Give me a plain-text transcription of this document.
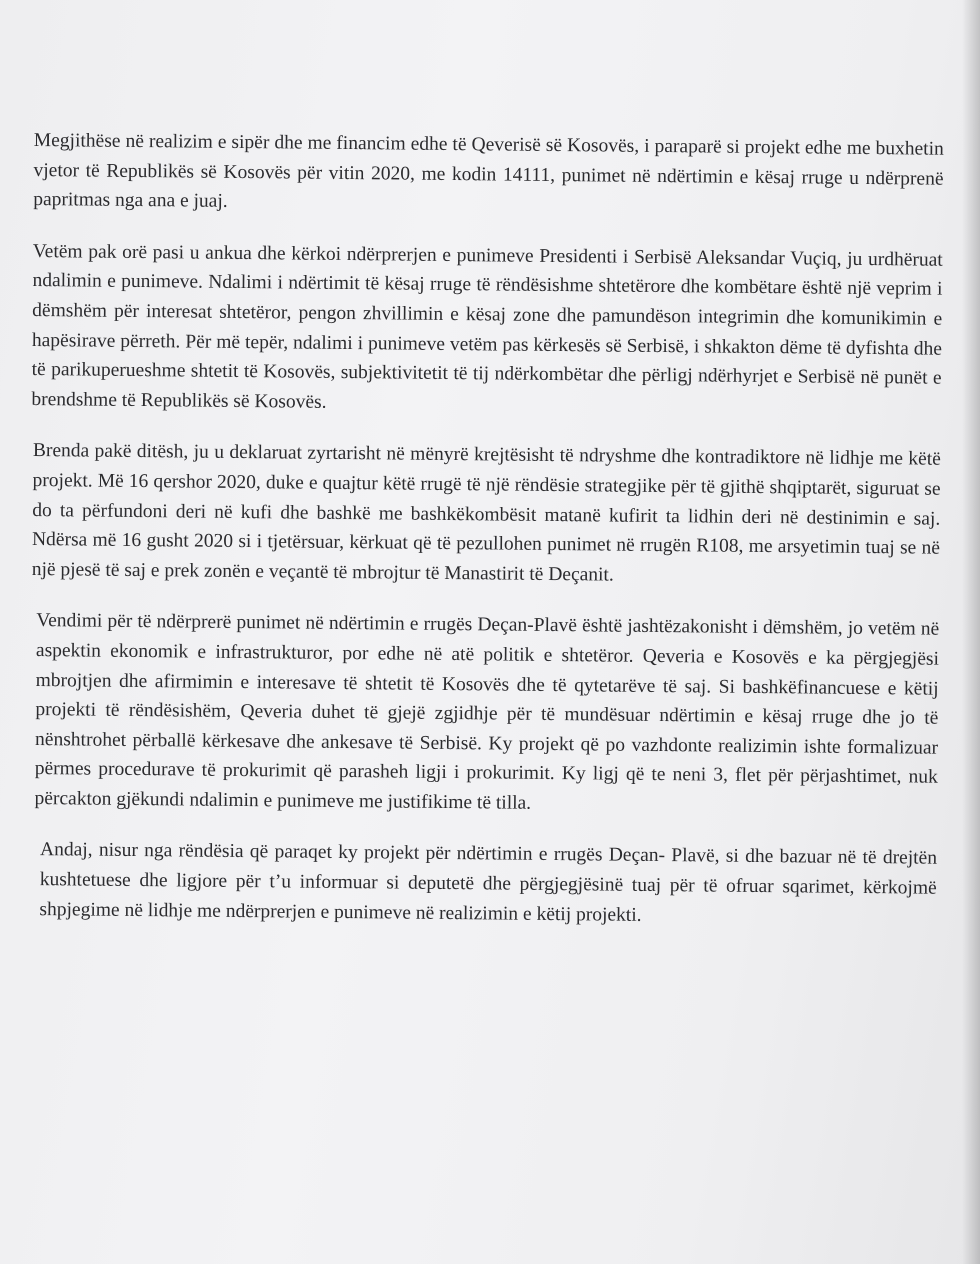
Megjithëse në realizim e sipër dhe me financim edhe të Qeverisë së Kosovës, i paraparë si projekt edhe me buxhetin vjetor të Republikës së Kosovës për vitin 2020, me kodin 14111, punimet në ndërtimin e kësaj rruge u ndërprenë papritmas nga ana e juaj.

Vetëm pak orë pasi u ankua dhe kërkoi ndërprerjen e punimeve Presidenti i Serbisë Aleksandar Vuçiq, ju urdhëruat ndalimin e punimeve. Ndalimi i ndërtimit të kësaj rruge të rëndësishme shtetërore dhe kombëtare është një veprim i dëmshëm për interesat shtetëror, pengon zhvillimin e kësaj zone dhe pamundëson integrimin dhe komunikimin e hapësirave përreth. Për më tepër, ndalimi i punimeve vetëm pas kërkesës së Serbisë, i shkakton dëme të dyfishta dhe të parikuperueshme shtetit të Kosovës, subjektivitetit të tij ndërkombëtar dhe përligj ndërhyrjet e Serbisë në punët e brendshme të Republikës së Kosovës.

Brenda pakë ditësh, ju u deklaruat zyrtarisht në mënyrë krejtësisht të ndryshme dhe kontradiktore në lidhje me këtë projekt. Më 16 qershor 2020, duke e quajtur këtë rrugë të një rëndësie strategjike për të gjithë shqiptarët, siguruat se do ta përfundoni deri në kufi dhe bashkë me bashkëkombësit matanë kufirit ta lidhin deri në destinimin e saj. Ndërsa më 16 gusht 2020 si i tjetërsuar, kërkuat që të pezullohen punimet në rrugën R108, me arsyetimin tuaj se në një pjesë të saj e prek zonën e veçantë të mbrojtur të Manastirit të Deçanit.

Vendimi për të ndërprerë punimet në ndërtimin e rrugës Deçan-Plavë është jashtëzakonisht i dëmshëm, jo vetëm në aspektin ekonomik e infrastrukturor, por edhe në atë politik e shtetëror. Qeveria e Kosovës e ka përgjegjësi mbrojtjen dhe afirmimin e interesave të shtetit të Kosovës dhe të qytetarëve të saj. Si bashkëfinancuese e këtij projekti të rëndësishëm, Qeveria duhet të gjejë zgjidhje për të mundësuar ndërtimin e kësaj rruge dhe jo të nënshtrohet përballë kërkesave dhe ankesave të Serbisë. Ky projekt që po vazhdonte realizimin ishte formalizuar përmes procedurave të prokurimit që parasheh ligji i prokurimit. Ky ligj që te neni 3, flet për përjashtimet, nuk përcakton gjëkundi ndalimin e punimeve me justifikime të tilla.

Andaj, nisur nga rëndësia që paraqet ky projekt për ndërtimin e rrugës Deçan- Plavë, si dhe bazuar në të drejtën kushtetuese dhe ligjore për t’u informuar si deputetë dhe përgjegjësinë tuaj për të ofruar sqarimet, kërkojmë shpjegime në lidhje me ndërprerjen e punimeve në realizimin e këtij projekti.
